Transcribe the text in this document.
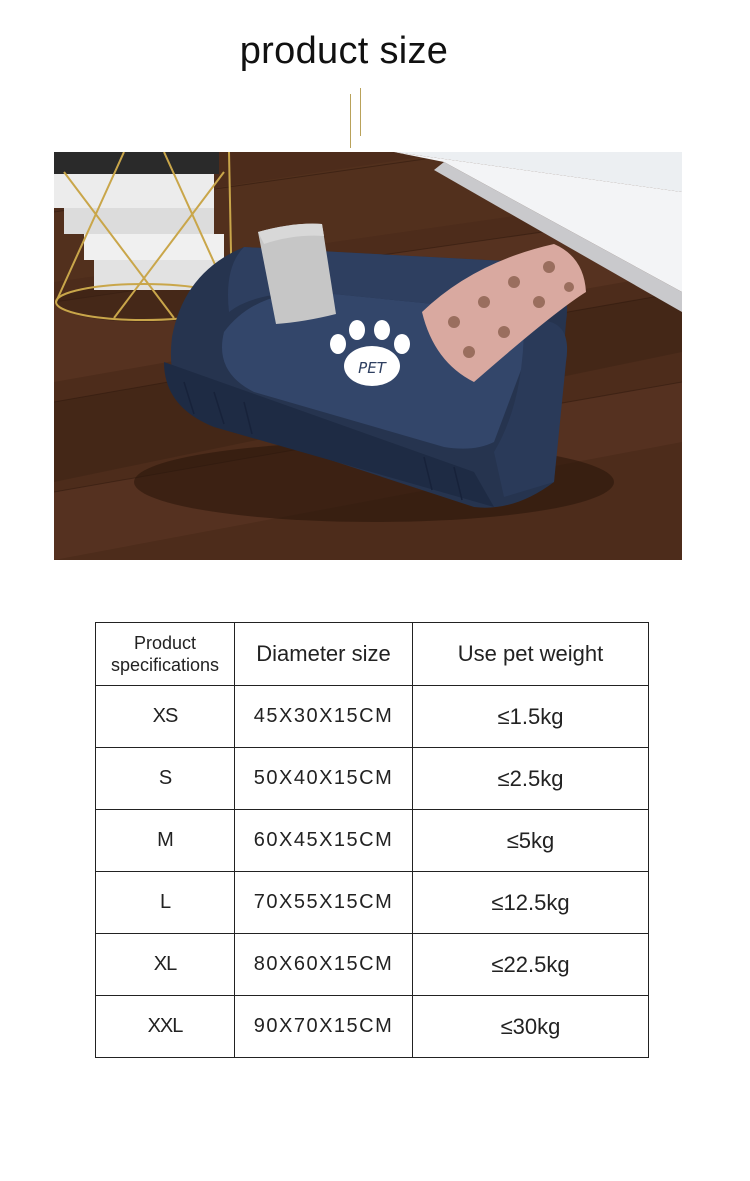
product size
PET
Product
specifications	Diameter size	Use pet weight
XS	45X30X15CM	≤1.5kg
S	50X40X15CM	≤2.5kg
M	60X45X15CM	≤5kg
L	70X55X15CM	≤12.5kg
XL	80X60X15CM	≤22.5kg
XXL	90X70X15CM	≤30kg
